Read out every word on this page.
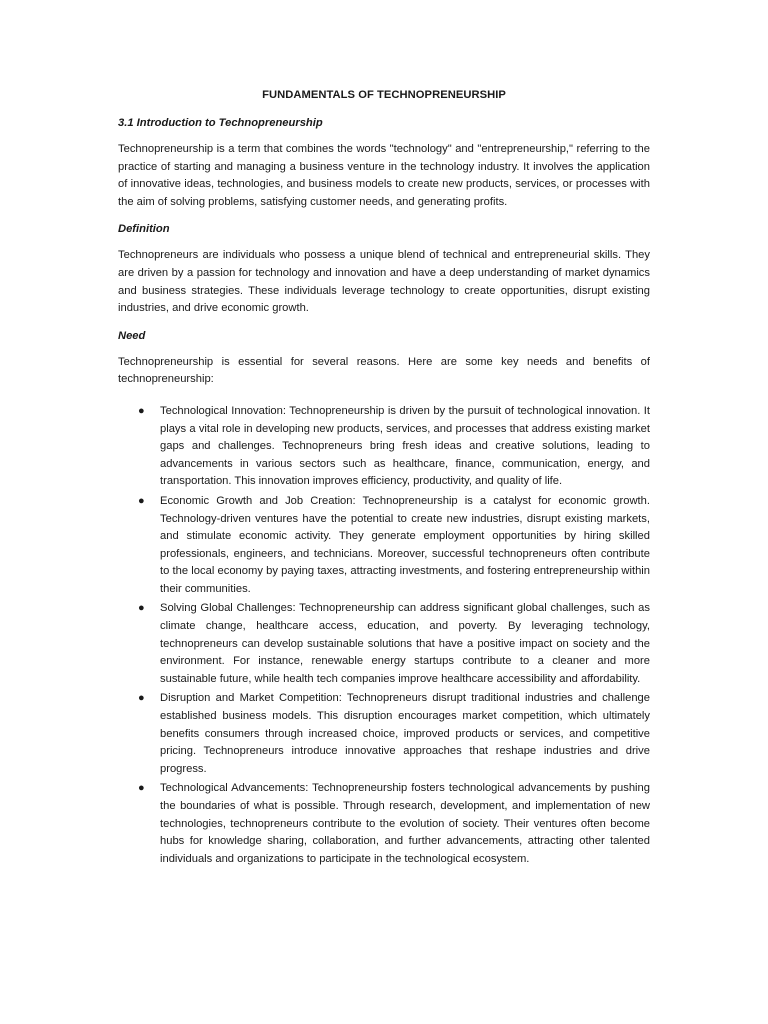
FUNDAMENTALS OF TECHNOPRENEURSHIP
3.1 Introduction to Technopreneurship

Technopreneurship is a term that combines the words "technology" and "entrepreneurship," referring to the practice of starting and managing a business venture in the technology industry. It involves the application of innovative ideas, technologies, and business models to create new products, services, or processes with the aim of solving problems, satisfying customer needs, and generating profits.

Definition

Technopreneurs are individuals who possess a unique blend of technical and entrepreneurial skills. They are driven by a passion for technology and innovation and have a deep understanding of market dynamics and business strategies. These individuals leverage technology to create opportunities, disrupt existing industries, and drive economic growth.

Need

Technopreneurship is essential for several reasons. Here are some key needs and benefits of technopreneurship:

● Technological Innovation: Technopreneurship is driven by the pursuit of technological innovation. It plays a vital role in developing new products, services, and processes that address existing market gaps and challenges. Technopreneurs bring fresh ideas and creative solutions, leading to advancements in various sectors such as healthcare, finance, communication, energy, and transportation. This innovation improves efficiency, productivity, and quality of life.
● Economic Growth and Job Creation: Technopreneurship is a catalyst for economic growth. Technology-driven ventures have the potential to create new industries, disrupt existing markets, and stimulate economic activity. They generate employment opportunities by hiring skilled professionals, engineers, and technicians. Moreover, successful technopreneurs often contribute to the local economy by paying taxes, attracting investments, and fostering entrepreneurship within their communities.
● Solving Global Challenges: Technopreneurship can address significant global challenges, such as climate change, healthcare access, education, and poverty. By leveraging technology, technopreneurs can develop sustainable solutions that have a positive impact on society and the environment. For instance, renewable energy startups contribute to a cleaner and more sustainable future, while health tech companies improve healthcare accessibility and affordability.
● Disruption and Market Competition: Technopreneurs disrupt traditional industries and challenge established business models. This disruption encourages market competition, which ultimately benefits consumers through increased choice, improved products or services, and competitive pricing. Technopreneurs introduce innovative approaches that reshape industries and drive progress.
● Technological Advancements: Technopreneurship fosters technological advancements by pushing the boundaries of what is possible. Through research, development, and implementation of new technologies, technopreneurs contribute to the evolution of society. Their ventures often become hubs for knowledge sharing, collaboration, and further advancements, attracting other talented individuals and organizations to participate in the technological ecosystem.
